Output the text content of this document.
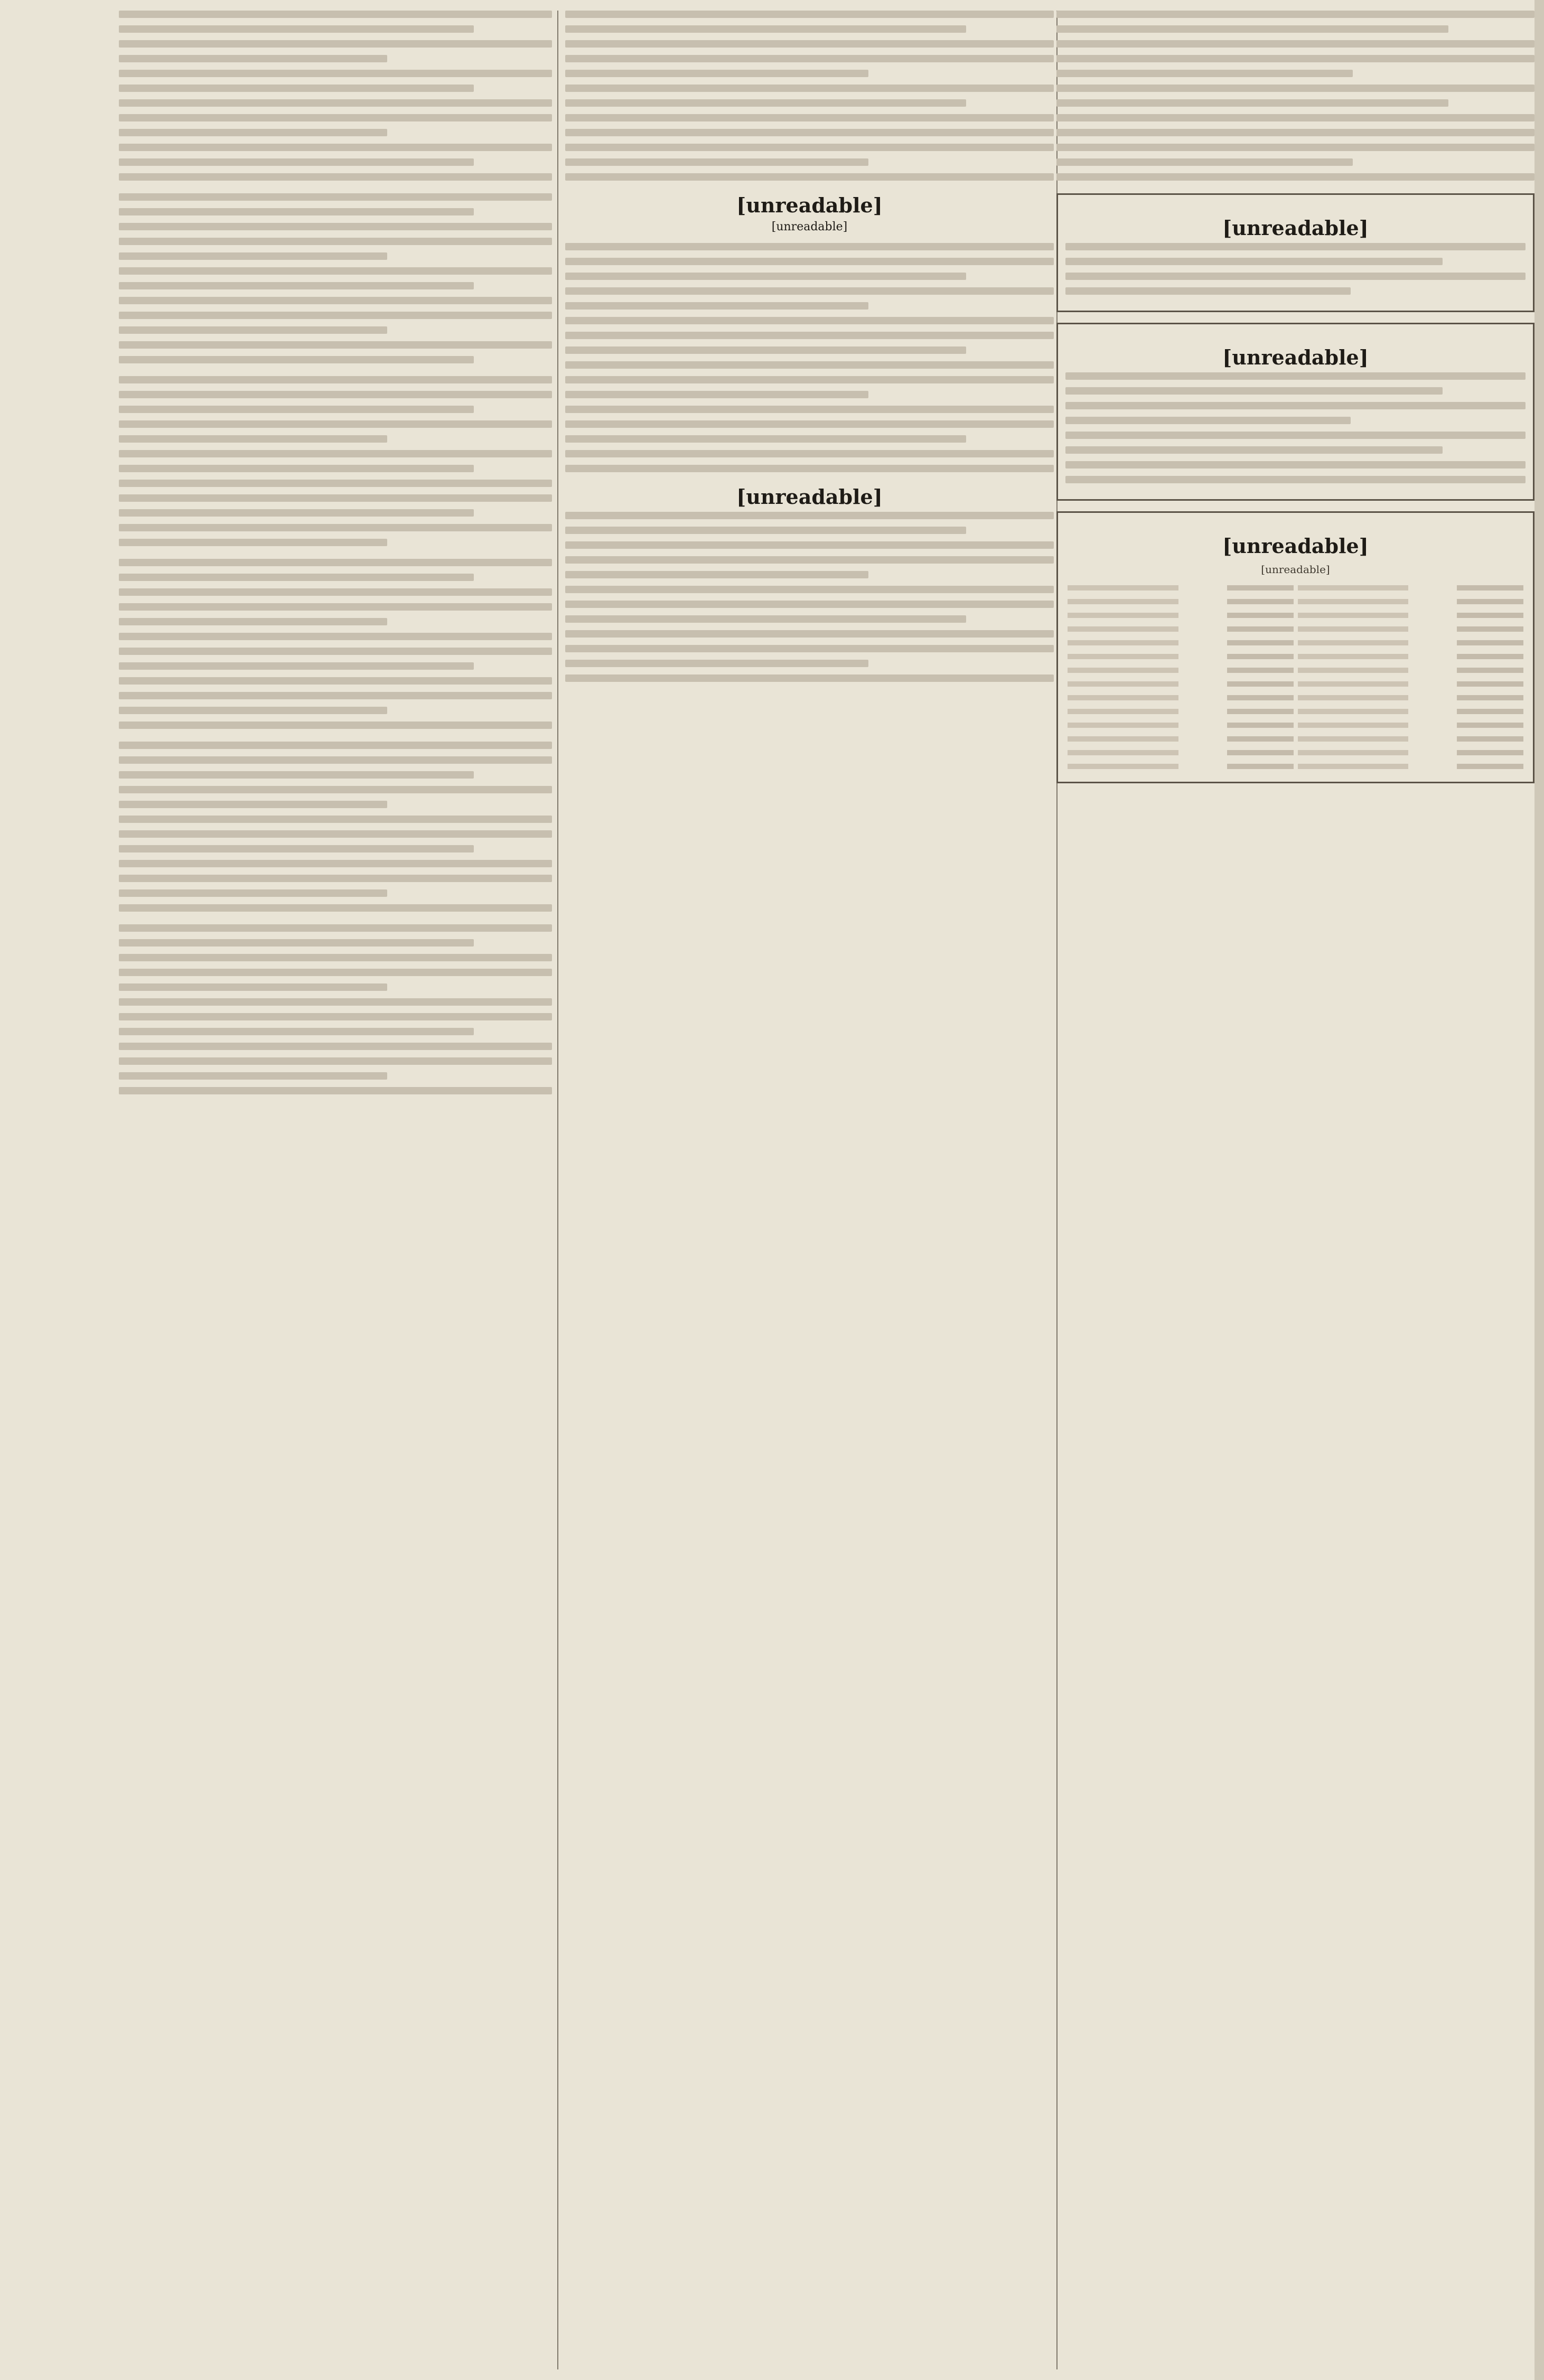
[unreadable]
[unreadable]
[unreadable]
[unreadable]
[unreadable]
[unreadable]
[unreadable]
